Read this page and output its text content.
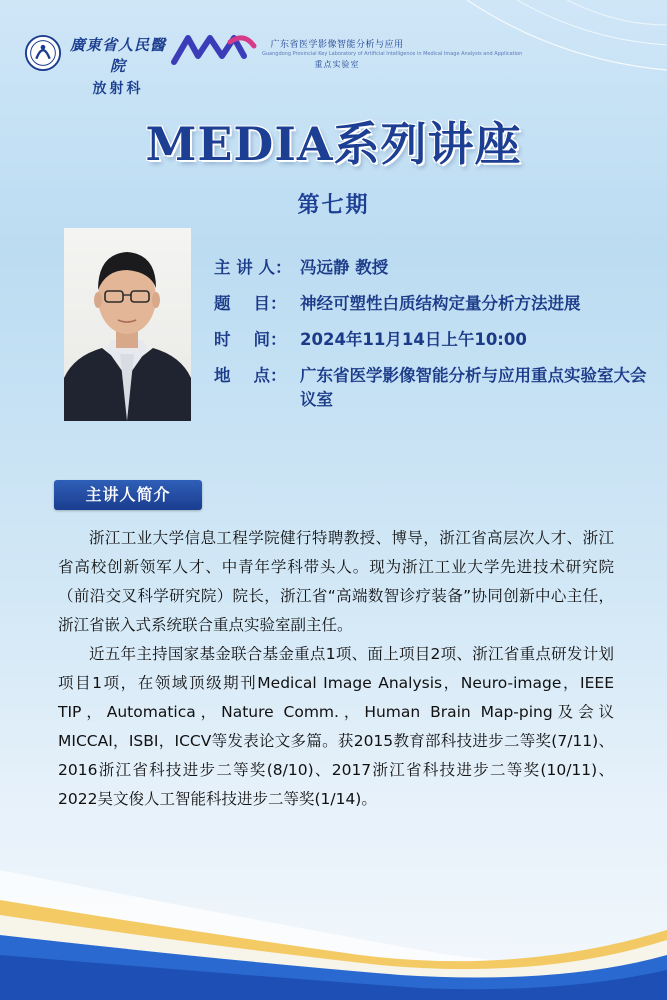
廣東省人民醫院
放射科
广东省医学影像智能分析与应用
Guangdong Provincial Key Laboratory of Artificial Intelligence in Medical Image Analysis and Application
重点实验室
MEDIA系列讲座
第七期
主 讲 人： 冯远静 教授
题    目： 神经可塑性白质结构定量分析方法进展
时    间： 2024年11月14日上午10:00
地    点： 广东省医学影像智能分析与应用重点实验室大会议室
主讲人简介

浙江工业大学信息工程学院健行特聘教授、博导，浙江省高层次人才、浙江省高校创新领军人才、中青年学科带头人。现为浙江工业大学先进技术研究院（前沿交叉科学研究院）院长，浙江省“高端数智诊疗装备”协同创新中心主任，浙江省嵌入式系统联合重点实验室副主任。

近五年主持国家基金联合基金重点1项、面上项目2项、浙江省重点研发计划项目1项，在领域顶级期刊Medical Image Analysis，Neuro-image，IEEE TIP，Automatica，Nature Comm.，Human Brain Map-ping及会议MICCAI，ISBI，ICCV等发表论文多篇。获2015教育部科技进步二等奖(7/11)、2016浙江省科技进步二等奖(8/10)、2017浙江省科技进步二等奖(10/11)、2022吴文俊人工智能科技进步二等奖(1/14)。
